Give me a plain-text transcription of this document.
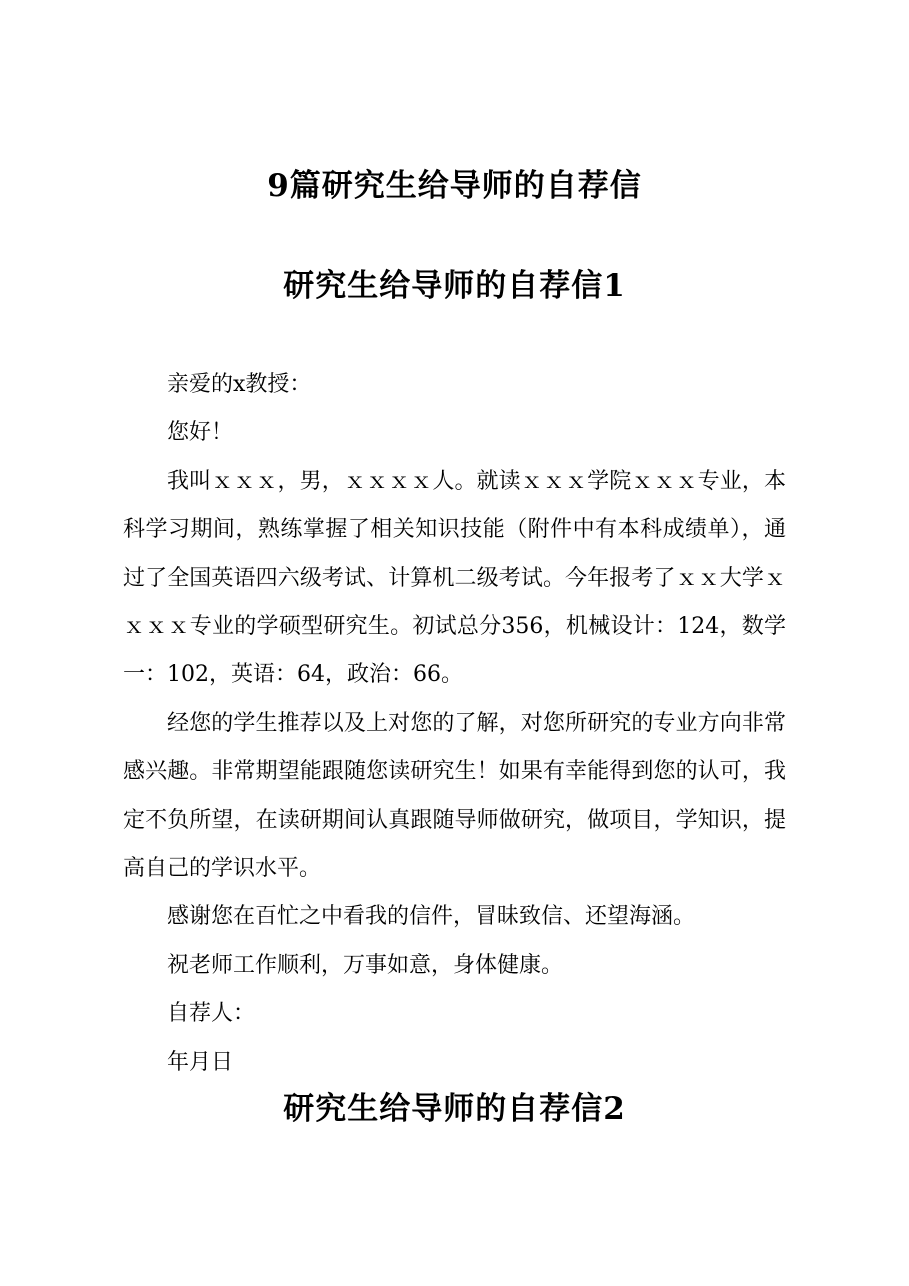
9篇研究生给导师的自荐信
研究生给导师的自荐信1

亲爱的x教授：

您好！

我叫ｘｘｘ，男，ｘｘｘｘ人。就读ｘｘｘ学院ｘｘｘ专业，本科学习期间，熟练掌握了相关知识技能（附件中有本科成绩单），通过了全国英语四六级考试、计算机二级考试。今年报考了ｘｘ大学ｘｘｘｘ专业的学硕型研究生。初试总分356，机械设计：124，数学一：102，英语：64，政治：66。

经您的学生推荐以及上对您的了解，对您所研究的专业方向非常感兴趣。非常期望能跟随您读研究生！如果有幸能得到您的认可，我定不负所望，在读研期间认真跟随导师做研究，做项目，学知识，提高自己的学识水平。

感谢您在百忙之中看我的信件，冒昧致信、还望海涵。

祝老师工作顺利，万事如意，身体健康。

自荐人：

年月日

研究生给导师的自荐信2
